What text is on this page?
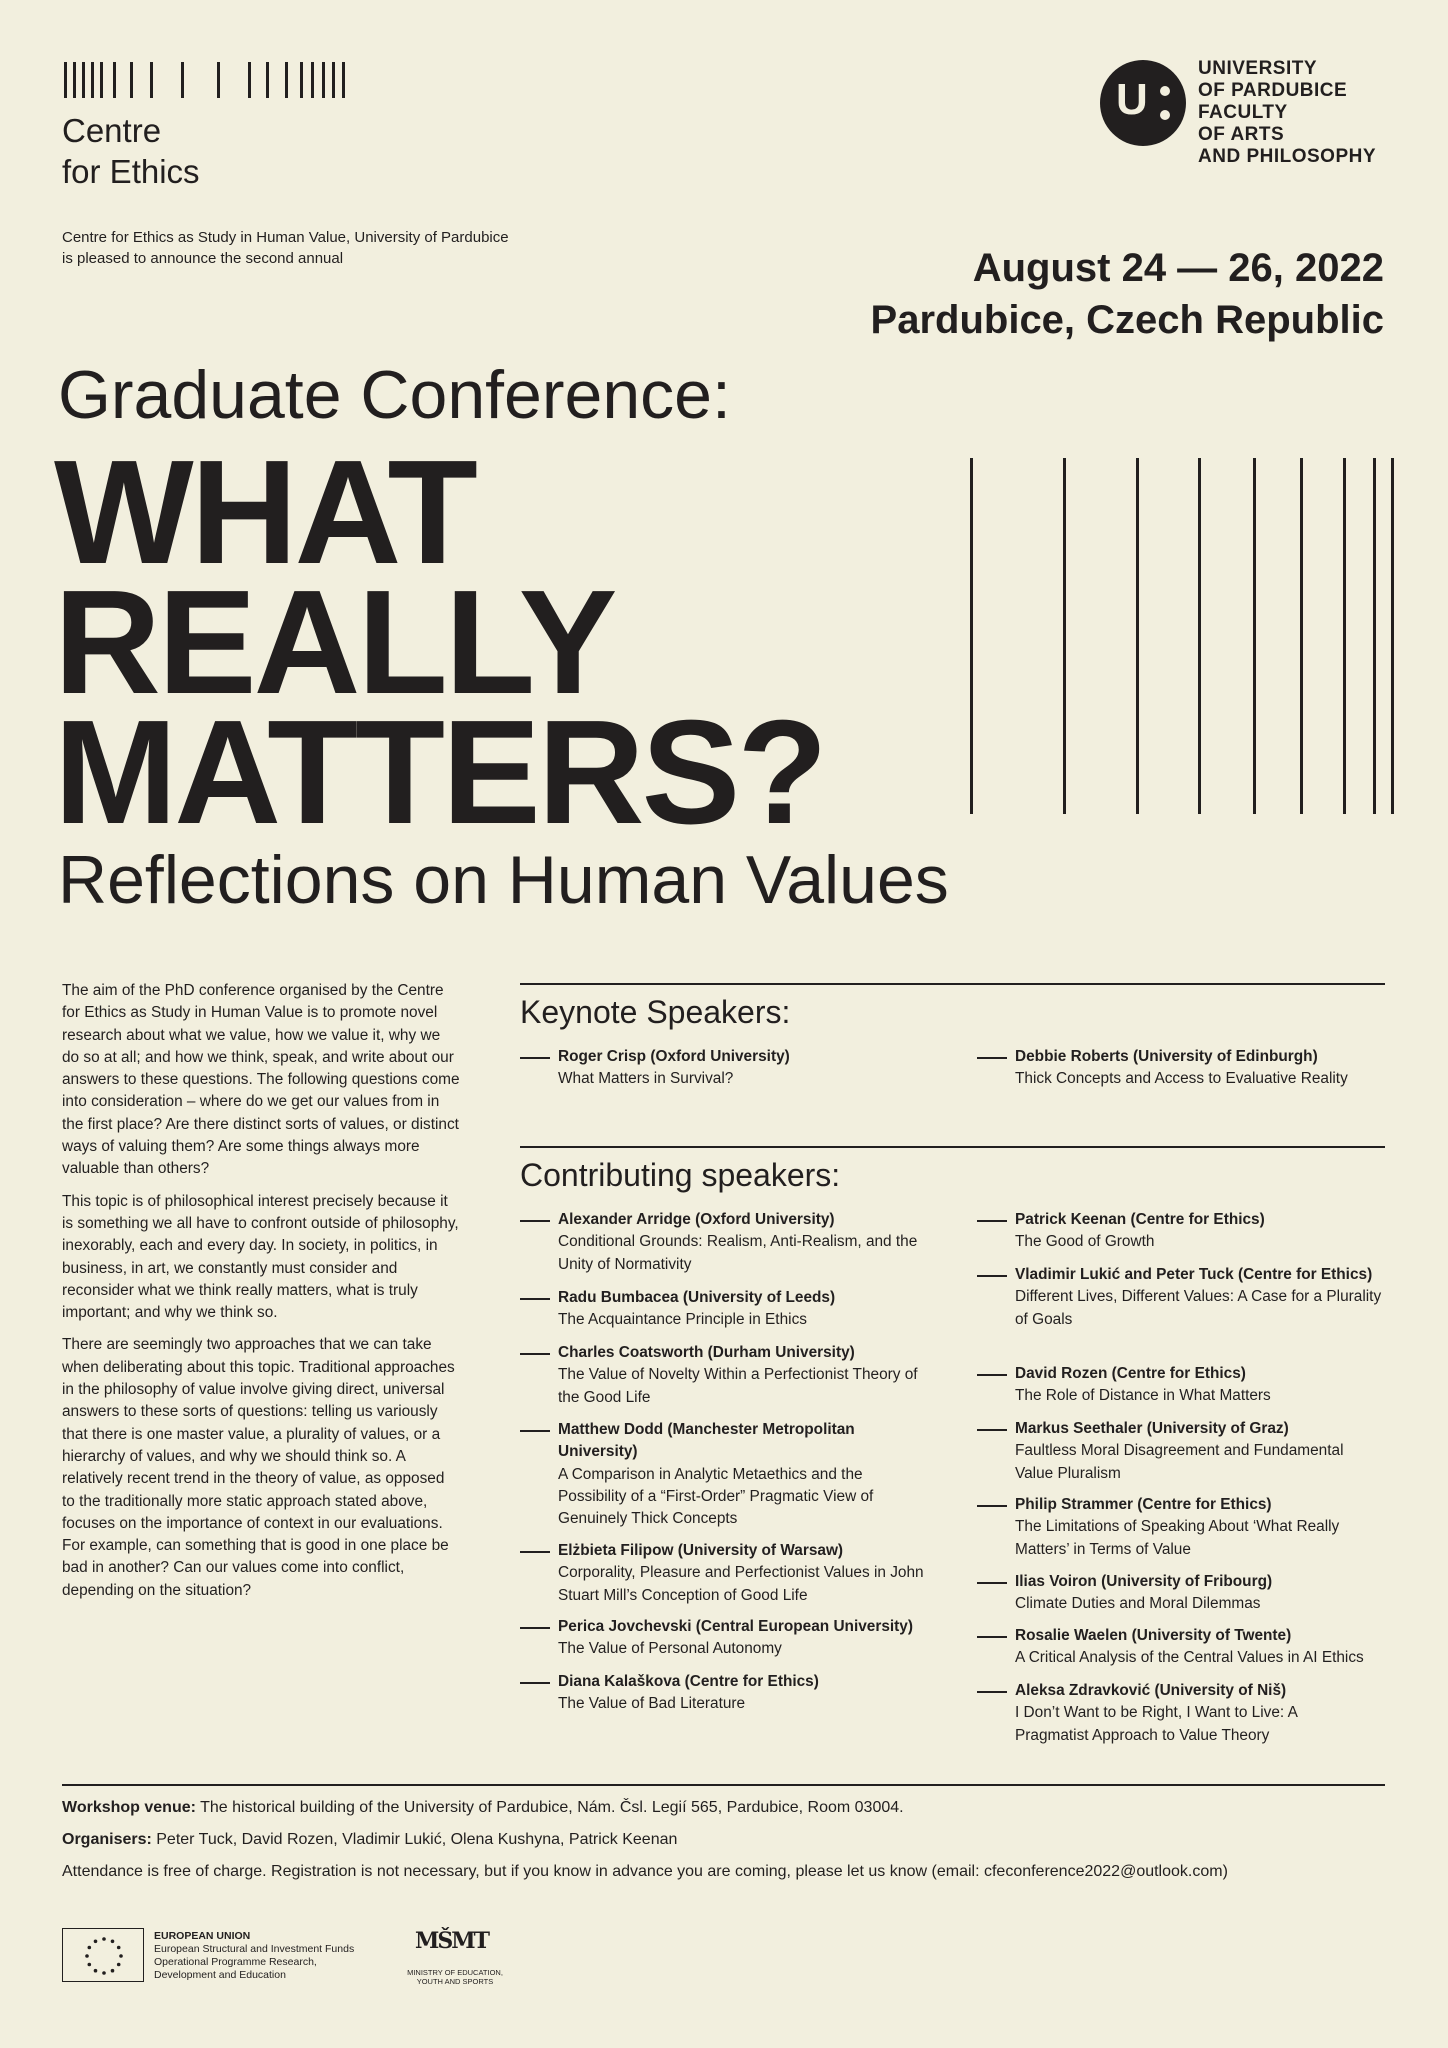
Centre
for Ethics
Centre for Ethics as Study in Human Value, University of Pardubice
is pleased to announce the second annual
U
UNIVERSITY
OF PARDUBICE
FACULTY
OF ARTS
AND PHILOSOPHY
August 24 — 26, 2022
Pardubice, Czech Republic
Graduate Conference:
WHAT
REALLY
MATTERS?
Reflections on Human Values

The aim of the PhD conference organised by the Centre for Ethics as Study in Human Value is to promote novel research about what we value, how we value it, why we do so at all; and how we think, speak, and write about our answers to these questions. The following questions come into consideration – where do we get our values from in the first place? Are there distinct sorts of values, or distinct ways of valuing them? Are some things always more valuable than others?

This topic is of philosophical interest precisely because it is something we all have to confront outside of philosophy, inexorably, each and every day. In society, in politics, in business, in art, we constantly must consider and reconsider what we think really matters, what is truly important; and why we think so.

There are seemingly two approaches that we can take when deliberating about this topic. Traditional approaches in the philosophy of value involve giving direct, universal answers to these sorts of questions: telling us variously that there is one master value, a plurality of values, or a hierarchy of values, and why we should think so. A relatively recent trend in the theory of value, as opposed to the traditionally more static approach stated above, focuses on the importance of context in our evaluations. For example, can something that is good in one place be bad in another? Can our values come into conflict, depending on the situation?

Keynote Speakers:
Roger Crisp (Oxford University)
What Matters in Survival?
Debbie Roberts (University of Edinburgh)
Thick Concepts and Access to Evaluative Reality
Contributing speakers:
Alexander Arridge (Oxford University)
Conditional Grounds: Realism, Anti-Realism, and the Unity of Normativity
Radu Bumbacea (University of Leeds)
The Acquaintance Principle in Ethics
Charles Coatsworth (Durham University)
The Value of Novelty Within a Perfectionist Theory of the Good Life
Matthew Dodd (Manchester Metropolitan University)
A Comparison in Analytic Metaethics and the Possibility of a “First-Order” Pragmatic View of Genuinely Thick Concepts
Elżbieta Filipow (University of Warsaw)
Corporality, Pleasure and Perfectionist Values in John Stuart Mill’s Conception of Good Life
Perica Jovchevski (Central European University)
The Value of Personal Autonomy
Diana Kalaškova (Centre for Ethics)
The Value of Bad Literature
Patrick Keenan (Centre for Ethics)
The Good of Growth
Vladimir Lukić and Peter Tuck (Centre for Ethics)
Different Lives, Different Values: A Case for a Plurality of Goals
David Rozen (Centre for Ethics)
The Role of Distance in What Matters
Markus Seethaler (University of Graz)
Faultless Moral Disagreement and Fundamental Value Pluralism
Philip Strammer (Centre for Ethics)
The Limitations of Speaking About ‘What Really Matters’ in Terms of Value
Ilias Voiron (University of Fribourg)
Climate Duties and Moral Dilemmas
Rosalie Waelen (University of Twente)
A Critical Analysis of the Central Values in AI Ethics
Aleksa Zdravković (University of Niš)
I Don’t Want to be Right, I Want to Live: A Pragmatist Approach to Value Theory
Workshop venue: The historical building of the University of Pardubice, Nám. Čsl. Legií 565, Pardubice, Room 03004.
Organisers: Peter Tuck, David Rozen, Vladimir Lukić, Olena Kushyna, Patrick Keenan
Attendance is free of charge. Registration is not necessary, but if you know in advance you are coming, please let us know (email: cfeconference2022@outlook.com)
EUROPEAN UNION
European Structural and Investment Funds
Operational Programme Research,
Development and Education
MŠMT
MINISTRY OF EDUCATION,
YOUTH AND SPORTS
